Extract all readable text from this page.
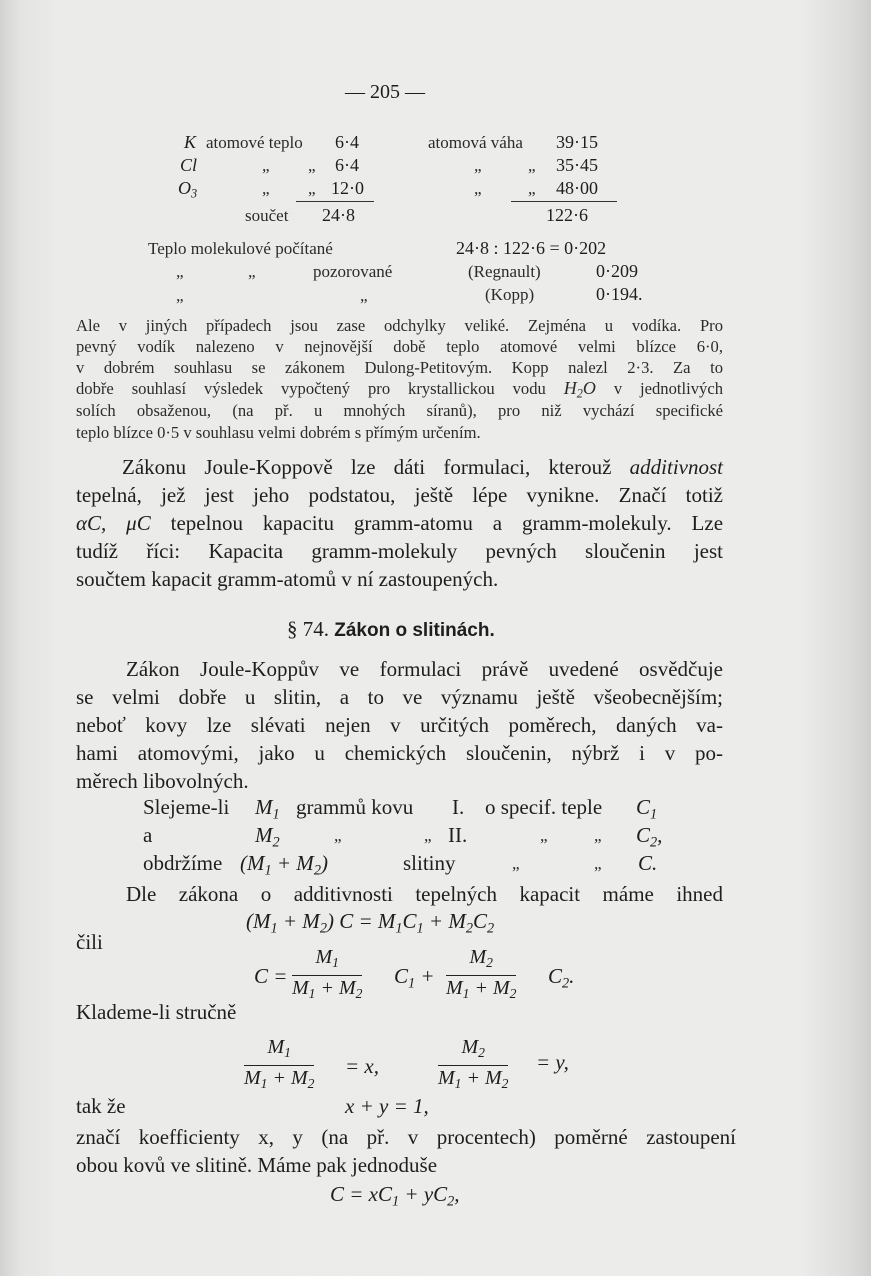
— 205 —
K atomové teplo 6·4	atomová váha 39·15
Cl	„ „ 6·4	„	„ 35·45
$O_3$	„ „ 12·0	„	„ 48·00
součet 24·8	122·6
Teplo molekulové počítané	24·8 : 122·6 = 0·202
„	„	pozorované	(Regnault)	0·209
„	„	(Kopp)	0·194.
Ale v jiných případech jsou zase odchylky veliké. Zejména u vodíka. Pro
pevný vodík nalezeno v nejnovější době teplo atomové velmi blízce 6·0,
v dobrém souhlasu se zákonem Dulong-Petitovým. Kopp nalezl 2·3. Za to
dobře souhlasí výsledek vypočtený pro krystallickou vodu $H_2O$ v jednotlivých
solích obsaženou, (na př. u mnohých síranů), pro niž vychází specifické
teplo blízce 0·5 v souhlasu velmi dobrém s přímým určením.
Zákonu Joule-Koppově lze dáti formulaci, kterouž additivnost
tepelná, jež jest jeho podstatou, ještě lépe vynikne. Značí totiž
αC, μC tepelnou kapacitu gramm-atomu a gramm-molekuly. Lze
tudíž říci: Kapacita gramm-molekuly pevných sloučenin jest
součtem kapacit gramm-atomů v ní zastoupených.
§ 74. Zákon o slitinách.
Zákon Joule-Koppův ve formulaci právě uvedené osvědčuje
se velmi dobře u slitin, a to ve významu ještě všeobecnějším;
neboť kovy lze slévati nejen v určitých poměrech, daných va-
hami atomovými, jako u chemických sloučenin, nýbrž i v po-
měrech libovolných.
Slejeme-li $M_1$ grammů kovu I. o specif. teple $C_1$
a	$M_2$	„	„ II.	„	„ $C_2$,
obdržíme $(M_1 + M_2)$	slitiny	„	„ C.
Dle zákona o additivnosti tepelných kapacit máme ihned
$(M_1 + M_2) C = M_1C_1 + M_2C_2$
čili
$C = \frac{M_1}{M_1 + M_2} C_1 + \frac{M_2}{M_1 + M_2} C_2$.
Klademe-li stručně
$\frac{M_1}{M_1 + M_2} = x$,	$\frac{M_2}{M_1 + M_2} = y$,
tak že	x + y = 1,
značí koefficienty x, y (na př. v procentech) poměrné zastoupení
obou kovů ve slitině. Máme pak jednoduše
$C = xC_1 + yC_2$,
